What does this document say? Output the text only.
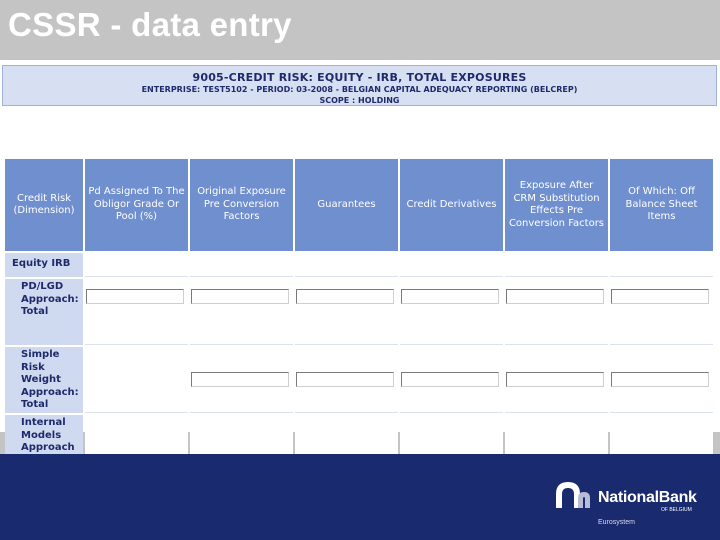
CSSR - data entry
9005-CREDIT RISK: EQUITY - IRB, TOTAL EXPOSURES
ENTERPRISE: TEST5102 - PERIOD: 03-2008 - BELGIAN CAPITAL ADEQUACY REPORTING (BELCREP)
SCOPE : HOLDING
Credit Risk (Dimension)	Pd Assigned To The Obligor Grade Or Pool (%)	Original Exposure Pre Conversion Factors	Guarantees	Credit Derivatives	Exposure After CRM Substitution Effects Pre Conversion Factors	Of Which: Off Balance Sheet Items
Equity IRB						
PD/LGD Approach: Total	

Simple Risk Weight Approach: Total		

Internal Models Approach						
NationalBank
OF BELGIUM
Eurosystem
